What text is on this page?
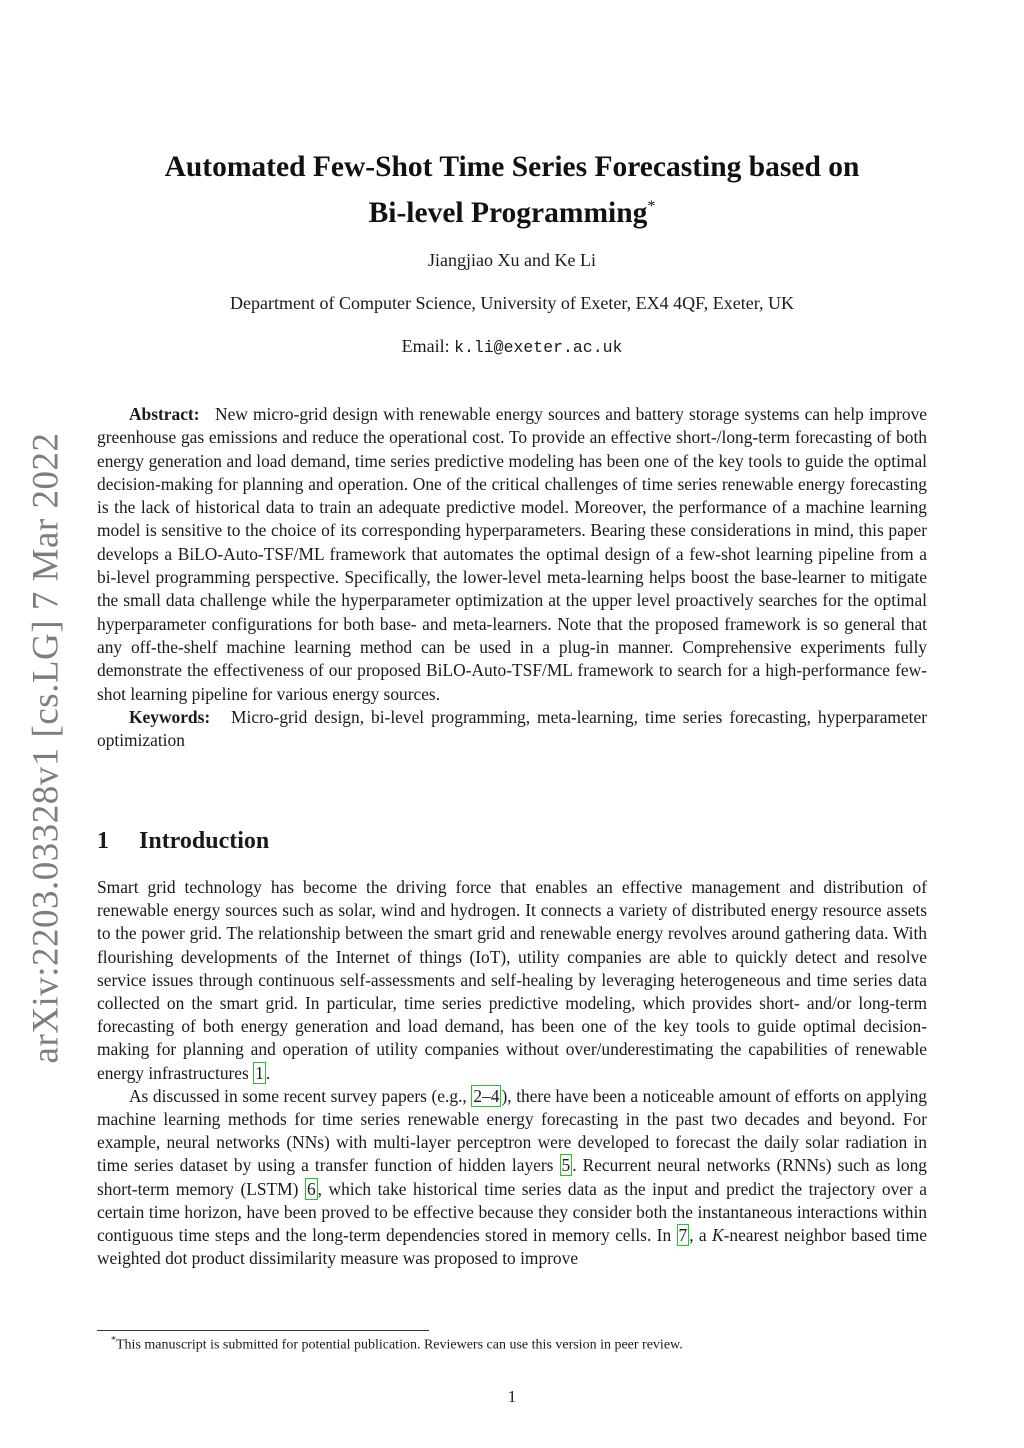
arXiv:2203.03328v1 [cs.LG] 7 Mar 2022
Automated Few-Shot Time Series Forecasting based on
Bi-level Programming*
Jiangjiao Xu and Ke Li
Department of Computer Science, University of Exeter, EX4 4QF, Exeter, UK
Email: k.li@exeter.ac.uk

Abstract: New micro-grid design with renewable energy sources and battery storage systems can help improve greenhouse gas emissions and reduce the operational cost. To provide an effective short-/long-term forecasting of both energy generation and load demand, time series predictive modeling has been one of the key tools to guide the optimal decision-making for planning and operation. One of the critical challenges of time series renewable energy forecasting is the lack of historical data to train an adequate predictive model. Moreover, the performance of a machine learning model is sensitive to the choice of its corresponding hyperparameters. Bearing these considerations in mind, this paper develops a BiLO-Auto-TSF/ML framework that automates the optimal design of a few-shot learning pipeline from a bi-level programming perspective. Specifically, the lower-level meta-learning helps boost the base-learner to mitigate the small data challenge while the hyperparameter optimization at the upper level proactively searches for the optimal hyperparameter configurations for both base- and meta-learners. Note that the proposed framework is so general that any off-the-shelf machine learning method can be used in a plug-in manner. Comprehensive experiments fully demonstrate the effectiveness of our proposed BiLO-Auto-TSF/ML framework to search for a high-performance few-shot learning pipeline for various energy sources.

Keywords: Micro-grid design, bi-level programming, meta-learning, time series forecasting, hyperparameter optimization

1 Introduction

Smart grid technology has become the driving force that enables an effective management and distribution of renewable energy sources such as solar, wind and hydrogen. It connects a variety of distributed energy resource assets to the power grid. The relationship between the smart grid and renewable energy revolves around gathering data. With flourishing developments of the Internet of things (IoT), utility companies are able to quickly detect and resolve service issues through continuous self-assessments and self-healing by leveraging heterogeneous and time series data collected on the smart grid. In particular, time series predictive modeling, which provides short- and/or long-term forecasting of both energy generation and load demand, has been one of the key tools to guide optimal decision-making for planning and operation of utility companies without over/underestimating the capabilities of renewable energy infrastructures 1 .

As discussed in some recent survey papers (e.g., 2–4 ), there have been a noticeable amount of efforts on applying machine learning methods for time series renewable energy forecasting in the past two decades and beyond. For example, neural networks (NNs) with multi-layer perceptron were developed to forecast the daily solar radiation in time series dataset by using a transfer function of hidden layers 5 . Recurrent neural networks (RNNs) such as long short-term memory (LSTM) 6 , which take historical time series data as the input and predict the trajectory over a certain time horizon, have been proved to be effective because they consider both the instantaneous interactions within contiguous time steps and the long-term dependencies stored in memory cells. In 7 , a K-nearest neighbor based time weighted dot product dissimilarity measure was proposed to improve

*This manuscript is submitted for potential publication. Reviewers can use this version in peer review.
1
